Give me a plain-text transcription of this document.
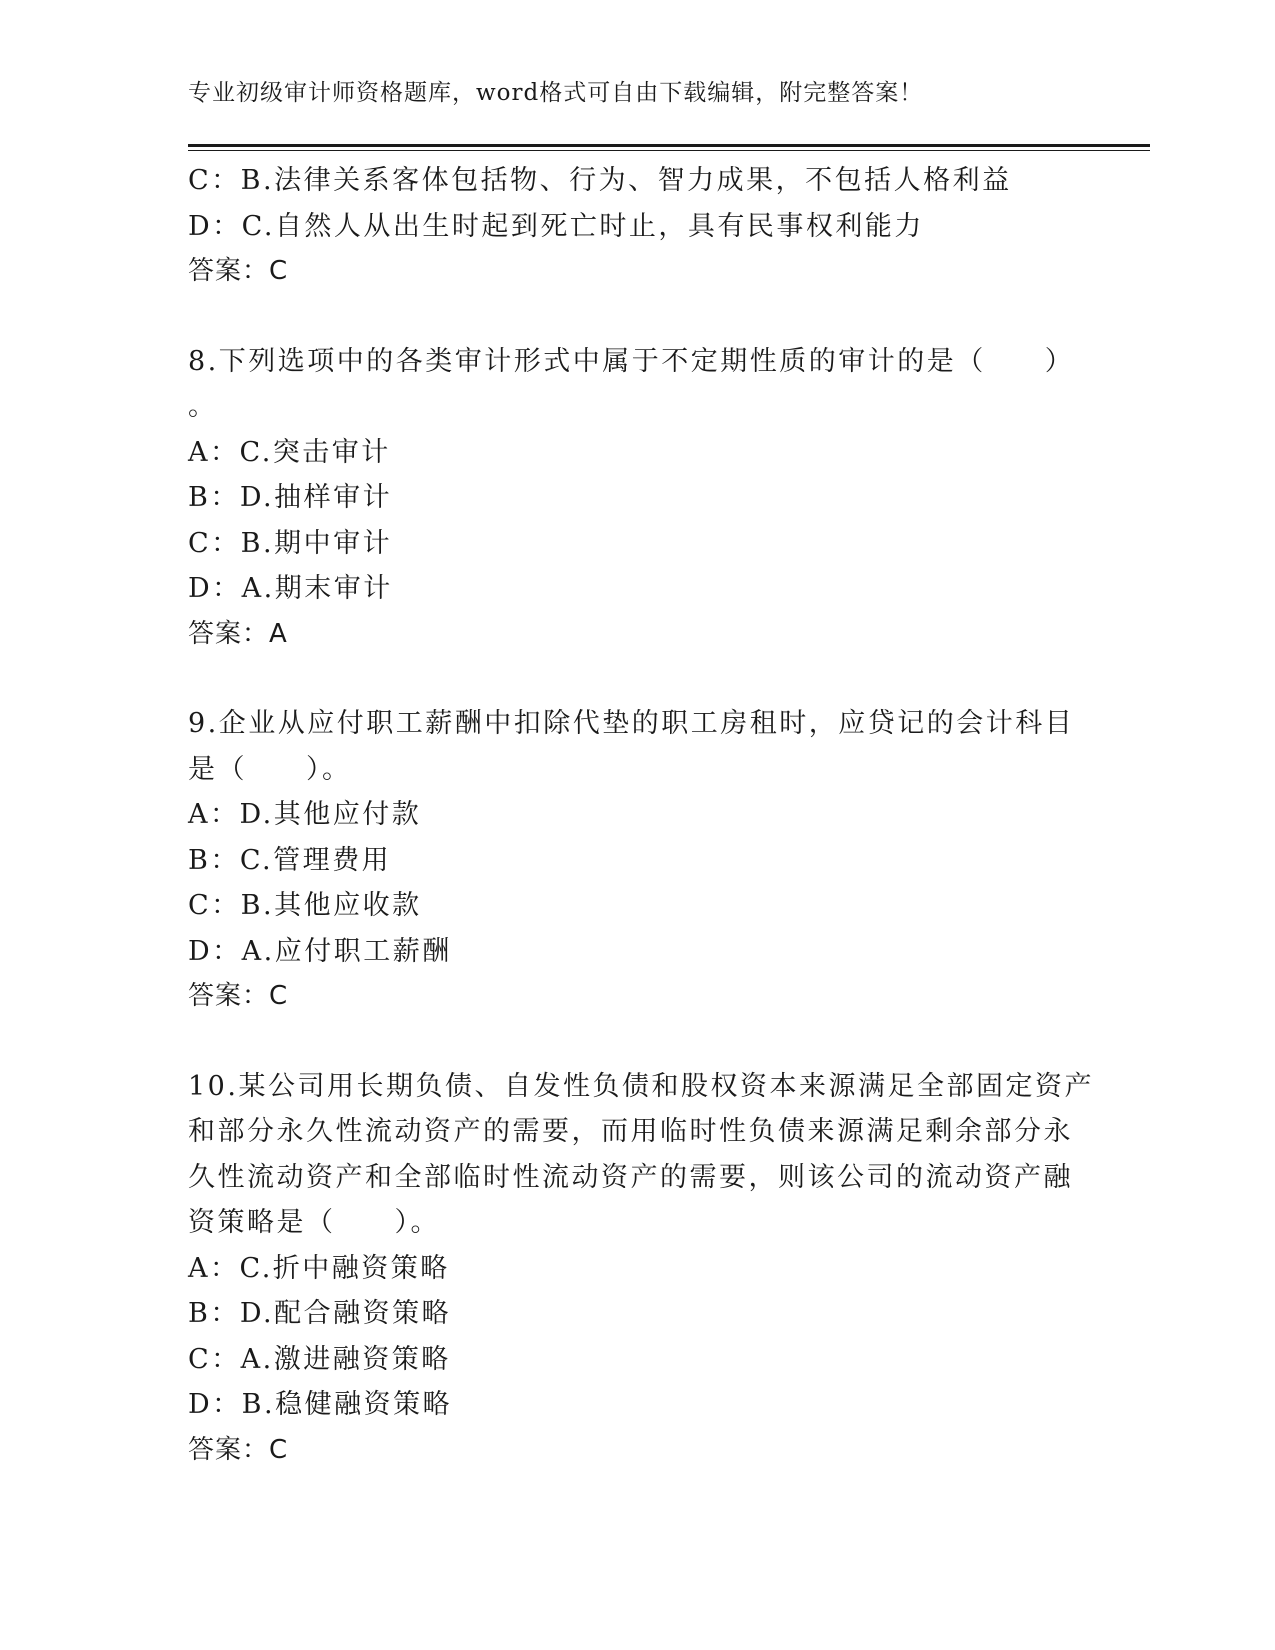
专业初级审计师资格题库，word格式可自由下载编辑，附完整答案！
C：B.法律关系客体包括物、行为、智力成果，不包括人格利益
D：C.自然人从出生时起到死亡时止，具有民事权利能力
答案：C
8.下列选项中的各类审计形式中属于不定期性质的审计的是（　　）
。
A：C.突击审计
B：D.抽样审计
C：B.期中审计
D：A.期末审计
答案：A
9.企业从应付职工薪酬中扣除代垫的职工房租时，应贷记的会计科目
是（　　）。
A：D.其他应付款
B：C.管理费用
C：B.其他应收款
D：A.应付职工薪酬
答案：C
10.某公司用长期负债、自发性负债和股权资本来源满足全部固定资产
和部分永久性流动资产的需要，而用临时性负债来源满足剩余部分永
久性流动资产和全部临时性流动资产的需要，则该公司的流动资产融
资策略是（　　）。
A：C.折中融资策略
B：D.配合融资策略
C：A.激进融资策略
D：B.稳健融资策略
答案：C
